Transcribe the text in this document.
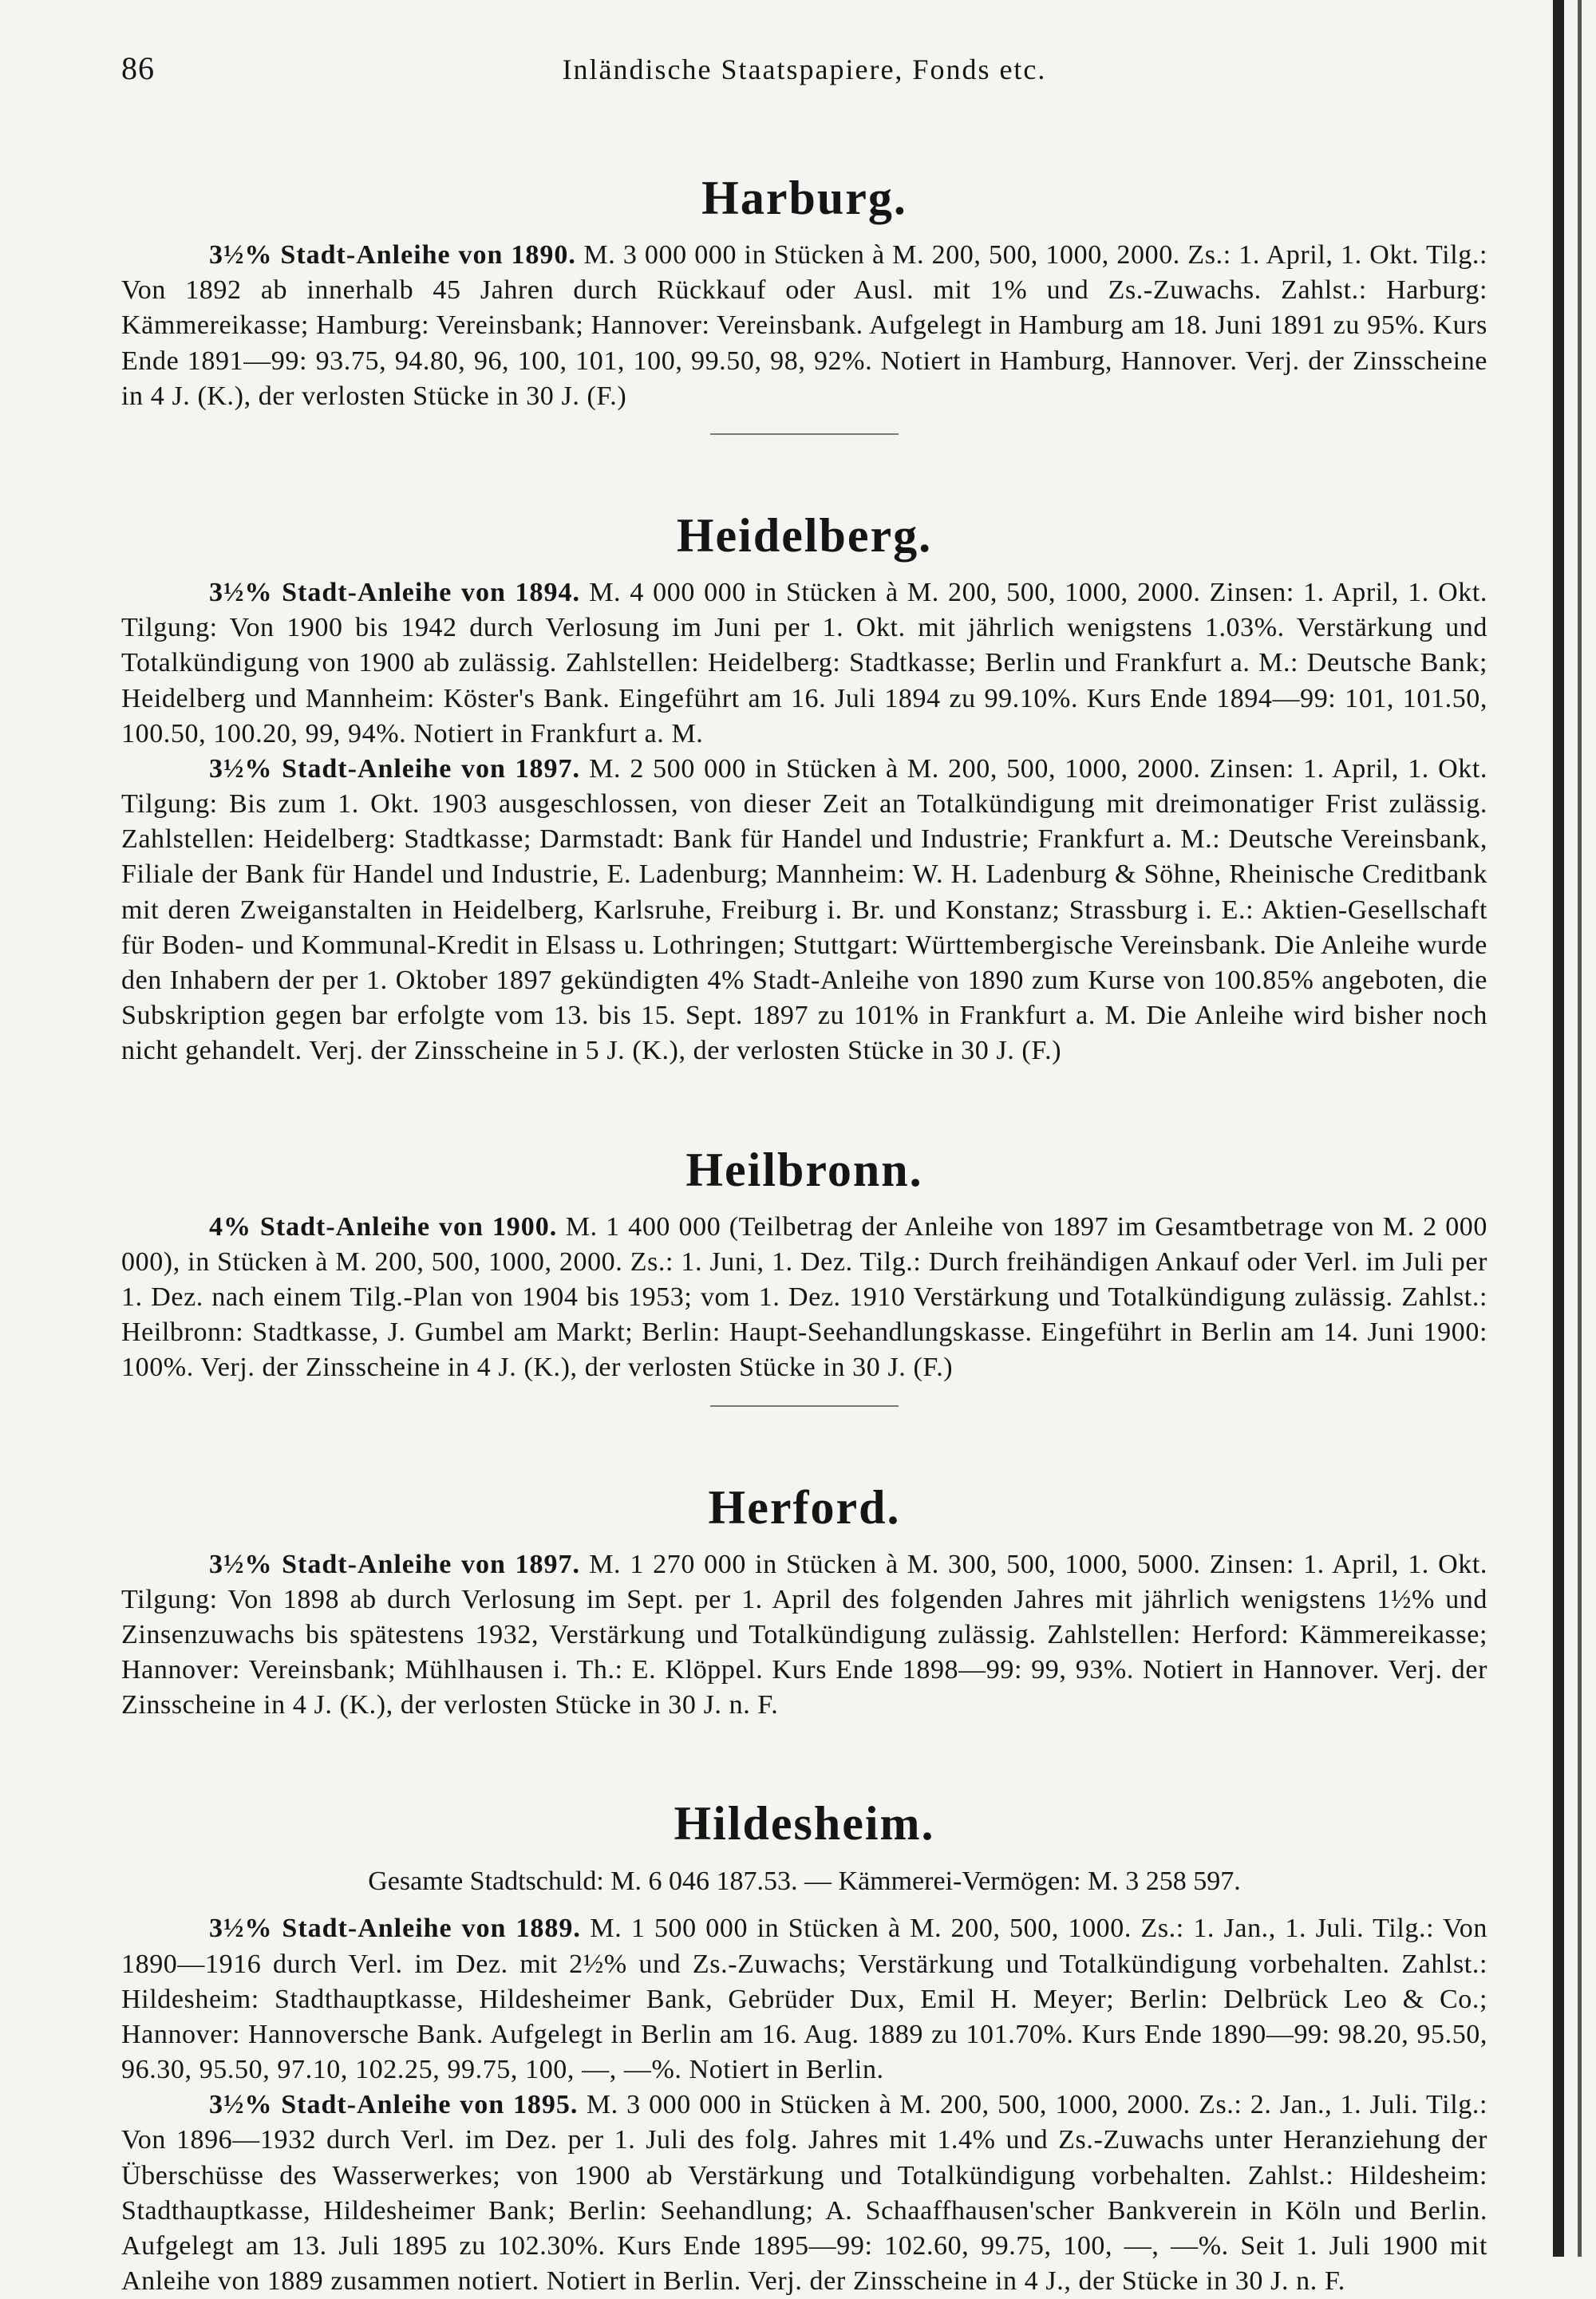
86	Inländische Staatspapiere, Fonds etc.
Harburg.

3½% Stadt-Anleihe von 1890. M. 3 000 000 in Stücken à M. 200, 500, 1000, 2000. Zs.: 1. April, 1. Okt. Tilg.: Von 1892 ab innerhalb 45 Jahren durch Rückkauf oder Ausl. mit 1% und Zs.-Zuwachs. Zahlst.: Harburg: Kämmereikasse; Hamburg: Vereinsbank; Hannover: Vereinsbank. Aufgelegt in Hamburg am 18. Juni 1891 zu 95%. Kurs Ende 1891—99: 93.75, 94.80, 96, 100, 101, 100, 99.50, 98, 92%. Notiert in Hamburg, Hannover. Verj. der Zinsscheine in 4 J. (K.), der verlosten Stücke in 30 J. (F.)

Heidelberg.

3½% Stadt-Anleihe von 1894. M. 4 000 000 in Stücken à M. 200, 500, 1000, 2000. Zinsen: 1. April, 1. Okt. Tilgung: Von 1900 bis 1942 durch Verlosung im Juni per 1. Okt. mit jährlich wenigstens 1.03%. Verstärkung und Totalkündigung von 1900 ab zulässig. Zahlstellen: Heidelberg: Stadtkasse; Berlin und Frankfurt a. M.: Deutsche Bank; Heidelberg und Mannheim: Köster's Bank. Eingeführt am 16. Juli 1894 zu 99.10%. Kurs Ende 1894—99: 101, 101.50, 100.50, 100.20, 99, 94%. Notiert in Frankfurt a. M.

3½% Stadt-Anleihe von 1897. M. 2 500 000 in Stücken à M. 200, 500, 1000, 2000. Zinsen: 1. April, 1. Okt. Tilgung: Bis zum 1. Okt. 1903 ausgeschlossen, von dieser Zeit an Totalkündigung mit dreimonatiger Frist zulässig. Zahlstellen: Heidelberg: Stadtkasse; Darmstadt: Bank für Handel und Industrie; Frankfurt a. M.: Deutsche Vereinsbank, Filiale der Bank für Handel und Industrie, E. Ladenburg; Mannheim: W. H. Ladenburg & Söhne, Rheinische Creditbank mit deren Zweiganstalten in Heidelberg, Karlsruhe, Freiburg i. Br. und Konstanz; Strassburg i. E.: Aktien-Gesellschaft für Boden- und Kommunal-Kredit in Elsass u. Lothringen; Stuttgart: Württembergische Vereinsbank. Die Anleihe wurde den Inhabern der per 1. Oktober 1897 gekündigten 4% Stadt-Anleihe von 1890 zum Kurse von 100.85% angeboten, die Subskription gegen bar erfolgte vom 13. bis 15. Sept. 1897 zu 101% in Frankfurt a. M. Die Anleihe wird bisher noch nicht gehandelt. Verj. der Zinsscheine in 5 J. (K.), der verlosten Stücke in 30 J. (F.)

Heilbronn.

4% Stadt-Anleihe von 1900. M. 1 400 000 (Teilbetrag der Anleihe von 1897 im Gesamtbetrage von M. 2 000 000), in Stücken à M. 200, 500, 1000, 2000. Zs.: 1. Juni, 1. Dez. Tilg.: Durch freihändigen Ankauf oder Verl. im Juli per 1. Dez. nach einem Tilg.-Plan von 1904 bis 1953; vom 1. Dez. 1910 Verstärkung und Totalkündigung zulässig. Zahlst.: Heilbronn: Stadtkasse, J. Gumbel am Markt; Berlin: Haupt-Seehandlungskasse. Eingeführt in Berlin am 14. Juni 1900: 100%. Verj. der Zinsscheine in 4 J. (K.), der verlosten Stücke in 30 J. (F.)

Herford.

3½% Stadt-Anleihe von 1897. M. 1 270 000 in Stücken à M. 300, 500, 1000, 5000. Zinsen: 1. April, 1. Okt. Tilgung: Von 1898 ab durch Verlosung im Sept. per 1. April des folgenden Jahres mit jährlich wenigstens 1½% und Zinsenzuwachs bis spätestens 1932, Verstärkung und Totalkündigung zulässig. Zahlstellen: Herford: Kämmereikasse; Hannover: Vereinsbank; Mühlhausen i. Th.: E. Klöppel. Kurs Ende 1898—99: 99, 93%. Notiert in Hannover. Verj. der Zinsscheine in 4 J. (K.), der verlosten Stücke in 30 J. n. F.

Hildesheim.
Gesamte Stadtschuld: M. 6 046 187.53. — Kämmerei-Vermögen: M. 3 258 597.

3½% Stadt-Anleihe von 1889. M. 1 500 000 in Stücken à M. 200, 500, 1000. Zs.: 1. Jan., 1. Juli. Tilg.: Von 1890—1916 durch Verl. im Dez. mit 2½% und Zs.-Zuwachs; Verstärkung und Totalkündigung vorbehalten. Zahlst.: Hildesheim: Stadthauptkasse, Hildesheimer Bank, Gebrüder Dux, Emil H. Meyer; Berlin: Delbrück Leo & Co.; Hannover: Hannoversche Bank. Aufgelegt in Berlin am 16. Aug. 1889 zu 101.70%. Kurs Ende 1890—99: 98.20, 95.50, 96.30, 95.50, 97.10, 102.25, 99.75, 100, —, —%. Notiert in Berlin.

3½% Stadt-Anleihe von 1895. M. 3 000 000 in Stücken à M. 200, 500, 1000, 2000. Zs.: 2. Jan., 1. Juli. Tilg.: Von 1896—1932 durch Verl. im Dez. per 1. Juli des folg. Jahres mit 1.4% und Zs.-Zuwachs unter Heranziehung der Überschüsse des Wasserwerkes; von 1900 ab Verstärkung und Totalkündigung vorbehalten. Zahlst.: Hildesheim: Stadthauptkasse, Hildesheimer Bank; Berlin: Seehandlung; A. Schaaffhausen'scher Bankverein in Köln und Berlin. Aufgelegt am 13. Juli 1895 zu 102.30%. Kurs Ende 1895—99: 102.60, 99.75, 100, —, —%. Seit 1. Juli 1900 mit Anleihe von 1889 zusammen notiert. Notiert in Berlin. Verj. der Zinsscheine in 4 J., der Stücke in 30 J. n. F.
